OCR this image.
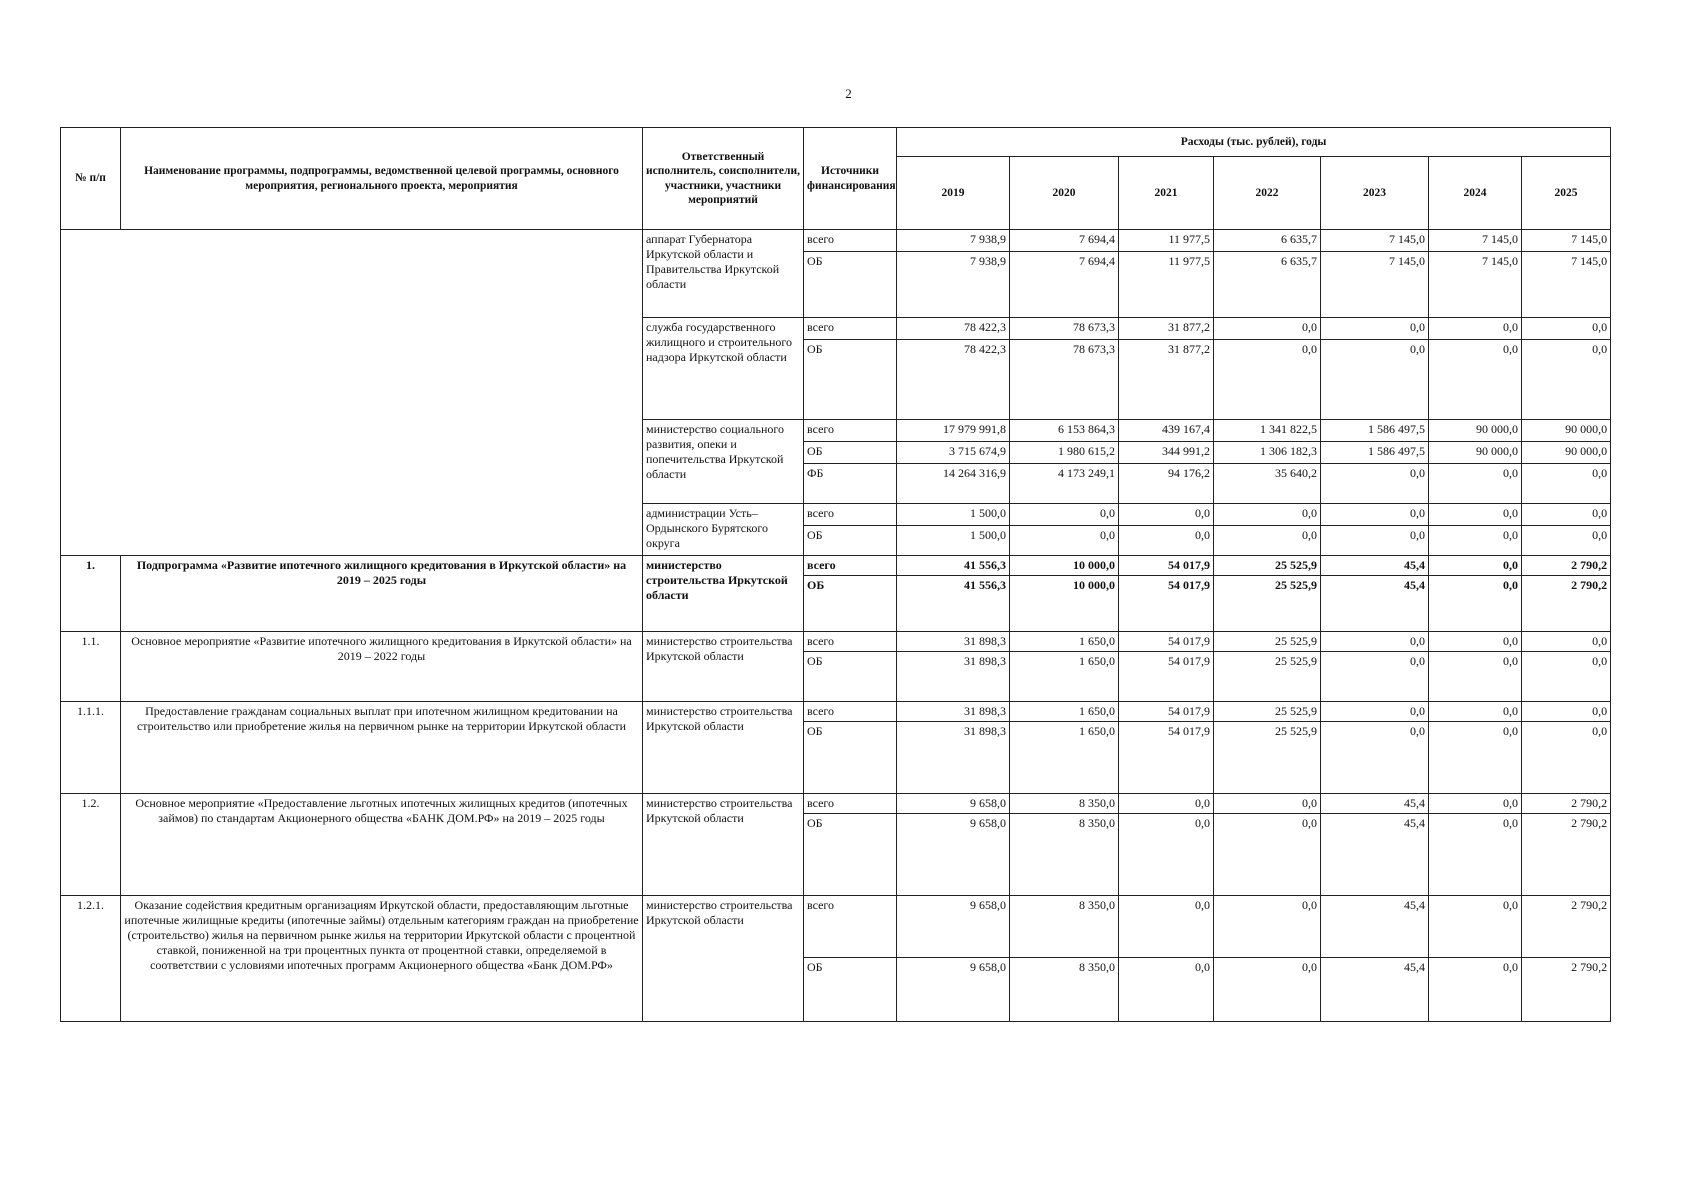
2
№ п/п	Наименование программы, подпрограммы, ведомственной целевой программы, основного мероприятия, регионального проекта, мероприятия	Ответственный исполнитель, соисполнители, участники, участники мероприятий	Источники финансирования	Расходы (тыс. рублей), годы						
				2019	2020	2021	2022	2023	2024	2025
		аппарат Губернатора Иркутской области и Правительства Иркутской области	всего	7 938,9	7 694,4	11 977,5	6 635,7	7 145,0	7 145,0	7 145,0
			ОБ	7 938,9	7 694,4	11 977,5	6 635,7	7 145,0	7 145,0	7 145,0
		служба государственного жилищного и строительного надзора Иркутской области	всего	78 422,3	78 673,3	31 877,2	0,0	0,0	0,0	0,0
			ОБ	78 422,3	78 673,3	31 877,2	0,0	0,0	0,0	0,0
		министерство социального развития, опеки и попечительства Иркутской области	всего	17 979 991,8	6 153 864,3	439 167,4	1 341 822,5	1 586 497,5	90 000,0	90 000,0
			ОБ	3 715 674,9	1 980 615,2	344 991,2	1 306 182,3	1 586 497,5	90 000,0	90 000,0
			ФБ	14 264 316,9	4 173 249,1	94 176,2	35 640,2	0,0	0,0	0,0
		администрации Усть–Ордынского Бурятского округа	всего	1 500,0	0,0	0,0	0,0	0,0	0,0	0,0
			ОБ	1 500,0	0,0	0,0	0,0	0,0	0,0	0,0
1.	Подпрограмма «Развитие ипотечного жилищного кредитования в Иркутской области» на 2019 – 2025 годы	министерство строительства Иркутской области	всего	41 556,3	10 000,0	54 017,9	25 525,9	45,4	0,0	2 790,2
			ОБ	41 556,3	10 000,0	54 017,9	25 525,9	45,4	0,0	2 790,2
1.1.	Основное мероприятие «Развитие ипотечного жилищного кредитования в Иркутской области» на 2019 – 2022 годы	министерство строительства Иркутской области	всего	31 898,3	1 650,0	54 017,9	25 525,9	0,0	0,0	0,0
			ОБ	31 898,3	1 650,0	54 017,9	25 525,9	0,0	0,0	0,0
1.1.1.	Предоставление гражданам социальных выплат при ипотечном жилищном кредитовании на строительство или приобретение жилья на первичном рынке на территории Иркутской области	министерство строительства Иркутской области	всего	31 898,3	1 650,0	54 017,9	25 525,9	0,0	0,0	0,0
			ОБ	31 898,3	1 650,0	54 017,9	25 525,9	0,0	0,0	0,0
1.2.	Основное мероприятие «Предоставление льготных ипотечных жилищных кредитов (ипотечных займов) по стандартам Акционерного общества «БАНК ДОМ.РФ» на 2019 – 2025 годы	министерство строительства Иркутской области	всего	9 658,0	8 350,0	0,0	0,0	45,4	0,0	2 790,2
			ОБ	9 658,0	8 350,0	0,0	0,0	45,4	0,0	2 790,2
1.2.1.	Оказание содействия кредитным организациям Иркутской области, предоставляющим льготные ипотечные жилищные кредиты (ипотечные займы) отдельным категориям граждан на приобретение (строительство) жилья на первичном рынке жилья на территории Иркутской области с процентной ставкой, пониженной на три процентных пункта от процентной ставки, определяемой в соответствии с условиями ипотечных программ Акционерного общества «Банк ДОМ.РФ»	министерство строительства Иркутской области	всего	9 658,0	8 350,0	0,0	0,0	45,4	0,0	2 790,2
			ОБ	9 658,0	8 350,0	0,0	0,0	45,4	0,0	2 790,2
